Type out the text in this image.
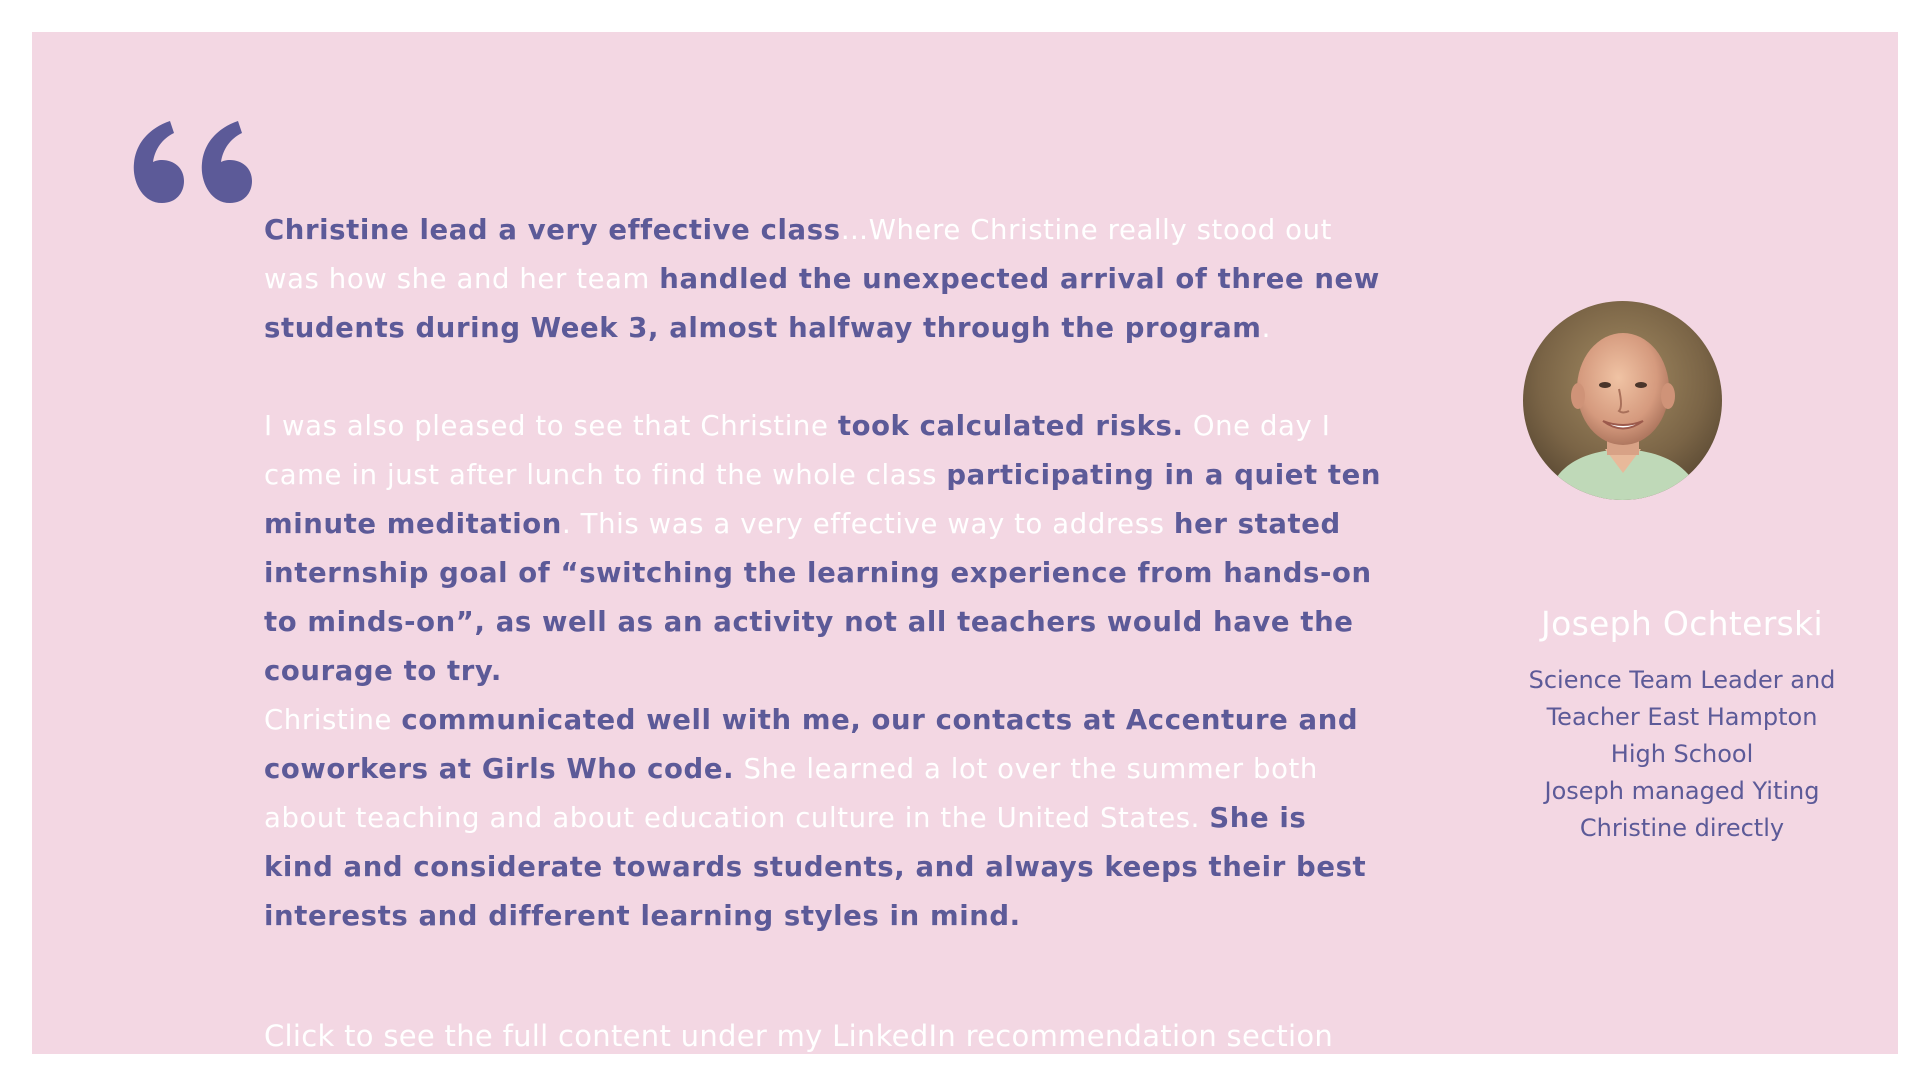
Christine lead a very effective class…Where Christine really stood out was how she and her team handled the unexpected arrival of three new students during Week 3, almost halfway through the program.

I was also pleased to see that Christine took calculated risks. One day I came in just after lunch to find the whole class participating in a quiet ten minute meditation. This was a very effective way to address her stated internship goal of “switching the learning experience from hands-on to minds-on”, as well as an activity not all teachers would have the courage to try.

Christine communicated well with me, our contacts at Accenture and coworkers at Girls Who code. She learned a lot over the summer both about teaching and about education culture in the United States. She is kind and considerate towards students, and always keeps their best interests and different learning styles in mind.

Click to see the full content under my LinkedIn recommendation section
Joseph Ochterski
Science Team Leader and
Teacher East Hampton
High School
Joseph managed Yiting
Christine directly
